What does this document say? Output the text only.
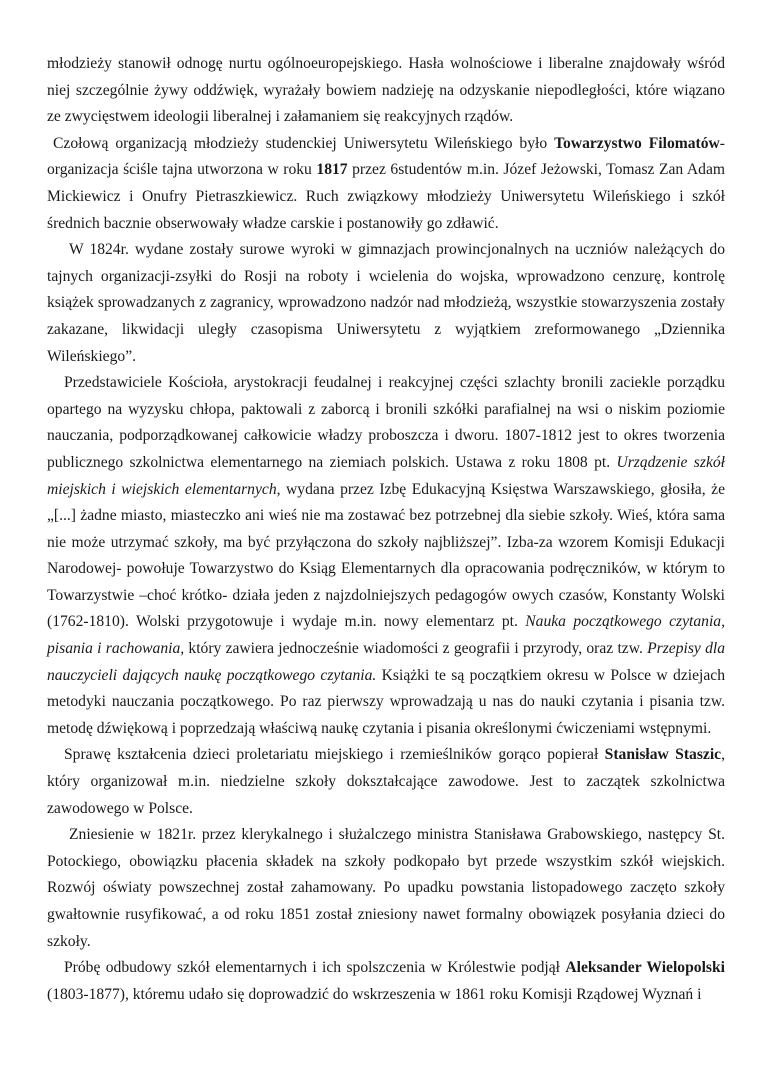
młodzieży stanowił odnogę nurtu ogólnoeuropejskiego. Hasła wolnościowe i liberalne znajdowały wśród niej szczególnie żywy oddźwięk, wyrażały bowiem nadzieję na odzyskanie niepodległości, które wiązano ze zwycięstwem ideologii liberalnej i załamaniem się reakcyjnych rządów.

Czołową organizacją młodzieży studenckiej Uniwersytetu Wileńskiego było Towarzystwo Filomatów-organizacja ściśle tajna utworzona w roku 1817 przez 6studentów m.in. Józef Jeżowski, Tomasz Zan Adam Mickiewicz i Onufry Pietraszkiewicz. Ruch związkowy młodzieży Uniwersytetu Wileńskiego i szkół średnich bacznie obserwowały władze carskie i postanowiły go zdławić.

W 1824r. wydane zostały surowe wyroki w gimnazjach prowincjonalnych na uczniów należących do tajnych organizacji-zsyłki do Rosji na roboty i wcielenia do wojska, wprowadzono cenzurę, kontrolę książek sprowadzanych z zagranicy, wprowadzono nadzór nad młodzieżą, wszystkie stowarzyszenia zostały zakazane, likwidacji uległy czasopisma Uniwersytetu z wyjątkiem zreformowanego „Dziennika Wileńskiego”.

Przedstawiciele Kościoła, arystokracji feudalnej i reakcyjnej części szlachty bronili zaciekle porządku opartego na wyzysku chłopa, paktowali z zaborcą i bronili szkółki parafialnej na wsi o niskim poziomie nauczania, podporządkowanej całkowicie władzy proboszcza i dworu. 1807-1812 jest to okres tworzenia publicznego szkolnictwa elementarnego na ziemiach polskich. Ustawa z roku 1808 pt. Urządzenie szkół miejskich i wiejskich elementarnych, wydana przez Izbę Edukacyjną Księstwa Warszawskiego, głosiła, że „[...] żadne miasto, miasteczko ani wieś nie ma zostawać bez potrzebnej dla siebie szkoły. Wieś, która sama nie może utrzymać szkoły, ma być przyłączona do szkoły najbliższej”. Izba-za wzorem Komisji Edukacji Narodowej- powołuje Towarzystwo do Ksiąg Elementarnych dla opracowania podręczników, w którym to Towarzystwie –choć krótko- działa jeden z najzdolniejszych pedagogów owych czasów, Konstanty Wolski (1762-1810). Wolski przygotowuje i wydaje m.in. nowy elementarz pt. Nauka początkowego czytania, pisania i rachowania, który zawiera jednocześnie wiadomości z geografii i przyrody, oraz tzw. Przepisy dla nauczycieli dających naukę początkowego czytania. Książki te są początkiem okresu w Polsce w dziejach metodyki nauczania początkowego. Po raz pierwszy wprowadzają u nas do nauki czytania i pisania tzw. metodę dźwiękową i poprzedzają właściwą naukę czytania i pisania określonymi ćwiczeniami wstępnymi.

Sprawę kształcenia dzieci proletariatu miejskiego i rzemieślników gorąco popierał Stanisław Staszic, który organizował m.in. niedzielne szkoły dokształcające zawodowe. Jest to zaczątek szkolnictwa zawodowego w Polsce.

Zniesienie w 1821r. przez klerykalnego i służalczego ministra Stanisława Grabowskiego, następcy St. Potockiego, obowiązku płacenia składek na szkoły podkopało byt przede wszystkim szkół wiejskich. Rozwój oświaty powszechnej został zahamowany. Po upadku powstania listopadowego zaczęto szkoły gwałtownie rusyfikować, a od roku 1851 został zniesiony nawet formalny obowiązek posyłania dzieci do szkoły.

Próbę odbudowy szkół elementarnych i ich spolszczenia w Królestwie podjął Aleksander Wielopolski (1803-1877), któremu udało się doprowadzić do wskrzeszenia w 1861 roku Komisji Rządowej Wyznań i
